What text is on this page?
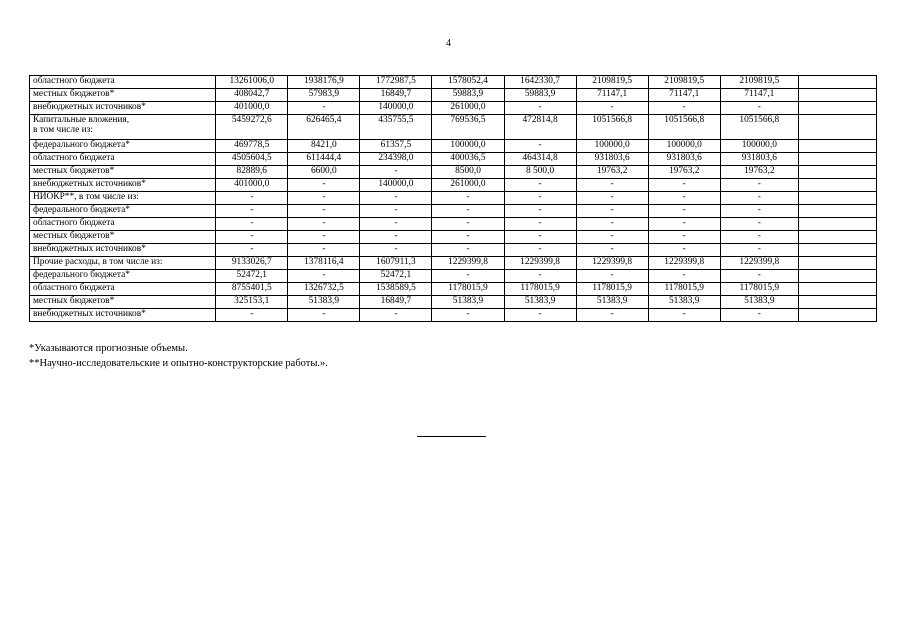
4
областного бюджета	13261006,0	1938176,9	1772987,5	1578052,4	1642330,7	2109819,5	2109819,5	2109819,5	
местных бюджетов*	408042,7	57983,9	16849,7	59883,9	59883,9	71147,1	71147,1	71147,1	
внебюджетных источников*	401000,0	-	140000,0	261000,0	-	-	-	-	
Капитальные вложения,
в том числе из:	5459272,6	626465,4	435755,5	769536,5	472814,8	1051566,8	1051566,8	1051566,8	
федерального бюджета*	469778,5	8421,0	61357,5	100000,0	-	100000,0	100000,0	100000,0	
областного бюджета	4505604,5	611444,4	234398,0	400036,5	464314,8	931803,6	931803,6	931803,6	
местных бюджетов*	82889,6	6600,0	-	8500,0	8 500,0	19763,2	19763,2	19763,2	
внебюджетных источников*	401000,0	-	140000,0	261000,0	-	-	-	-	
НИОКР**, в том числе из:	-	-	-	-	-	-	-	-	
федерального бюджета*	-	-	-	-	-	-	-	-	
областного бюджета	-	-	-	-	-	-	-	-	
местных бюджетов*	-	-	-	-	-	-	-	-	
внебюджетных источников*	-	-	-	-	-	-	-	-	
Прочие расходы, в том числе из:	9133026,7	1378116,4	1607911,3	1229399,8	1229399,8	1229399,8	1229399,8	1229399,8	
федерального бюджета*	52472,1	-	52472,1	-	-	-	-	-	
областного бюджета	8755401,5	1326732,5	1538589,5	1178015,9	1178015,9	1178015,9	1178015,9	1178015,9	
местных бюджетов*	325153,1	51383,9	16849,7	51383,9	51383,9	51383,9	51383,9	51383,9	
внебюджетных источников*	-	-	-	-	-	-	-	-	
*Указываются прогнозные объемы.
**Научно-исследовательские и опытно-конструкторские работы.».
